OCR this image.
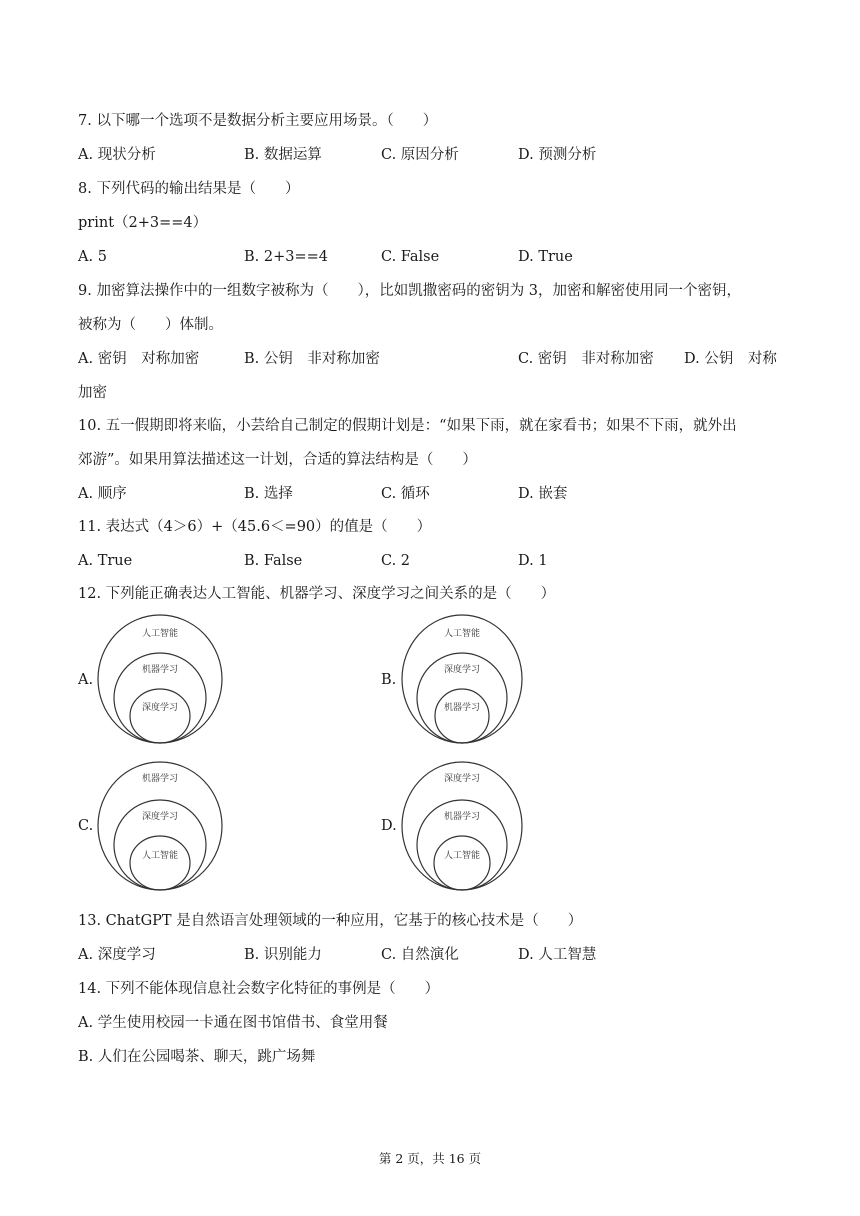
7. 以下哪一个选项不是数据分析主要应用场景。（　　）
A. 现状分析	B. 数据运算	C. 原因分析	D. 预测分析
8. 下列代码的输出结果是（　　）
print（2+3==4）
A. 5	B. 2+3==4	C. False	D. True
9. 加密算法操作中的一组数字被称为（　　），比如凯撒密码的密钥为 3，加密和解密使用同一个密钥，
被称为（　　）体制。
A. 密钥　对称加密	B. 公钥　非对称加密	C. 密钥　非对称加密 D. 公钥　对称
加密
10. 五一假期即将来临，小芸给自己制定的假期计划是：“如果下雨，就在家看书；如果不下雨，就外出
郊游”。如果用算法描述这一计划，合适的算法结构是（　　）
A. 顺序	B. 选择	C. 循环	D. 嵌套
11. 表达式（4＞6）+（45.6＜=90）的值是（　　）
A. True	B. False	C. 2	D. 1
12. 下列能正确表达人工智能、机器学习、深度学习之间关系的是（　　）
A.
人工智能
机器学习
深度学习
B.
人工智能
深度学习
机器学习
C.
机器学习
深度学习
人工智能
D.
深度学习
机器学习
人工智能
13. ChatGPT 是自然语言处理领域的一种应用，它基于的核心技术是（　　）
A. 深度学习	B. 识别能力	C. 自然演化	D. 人工智慧
14. 下列不能体现信息社会数字化特征的事例是（　　）
A. 学生使用校园一卡通在图书馆借书、食堂用餐
B. 人们在公园喝茶、聊天，跳广场舞
第 2 页，共 16 页
